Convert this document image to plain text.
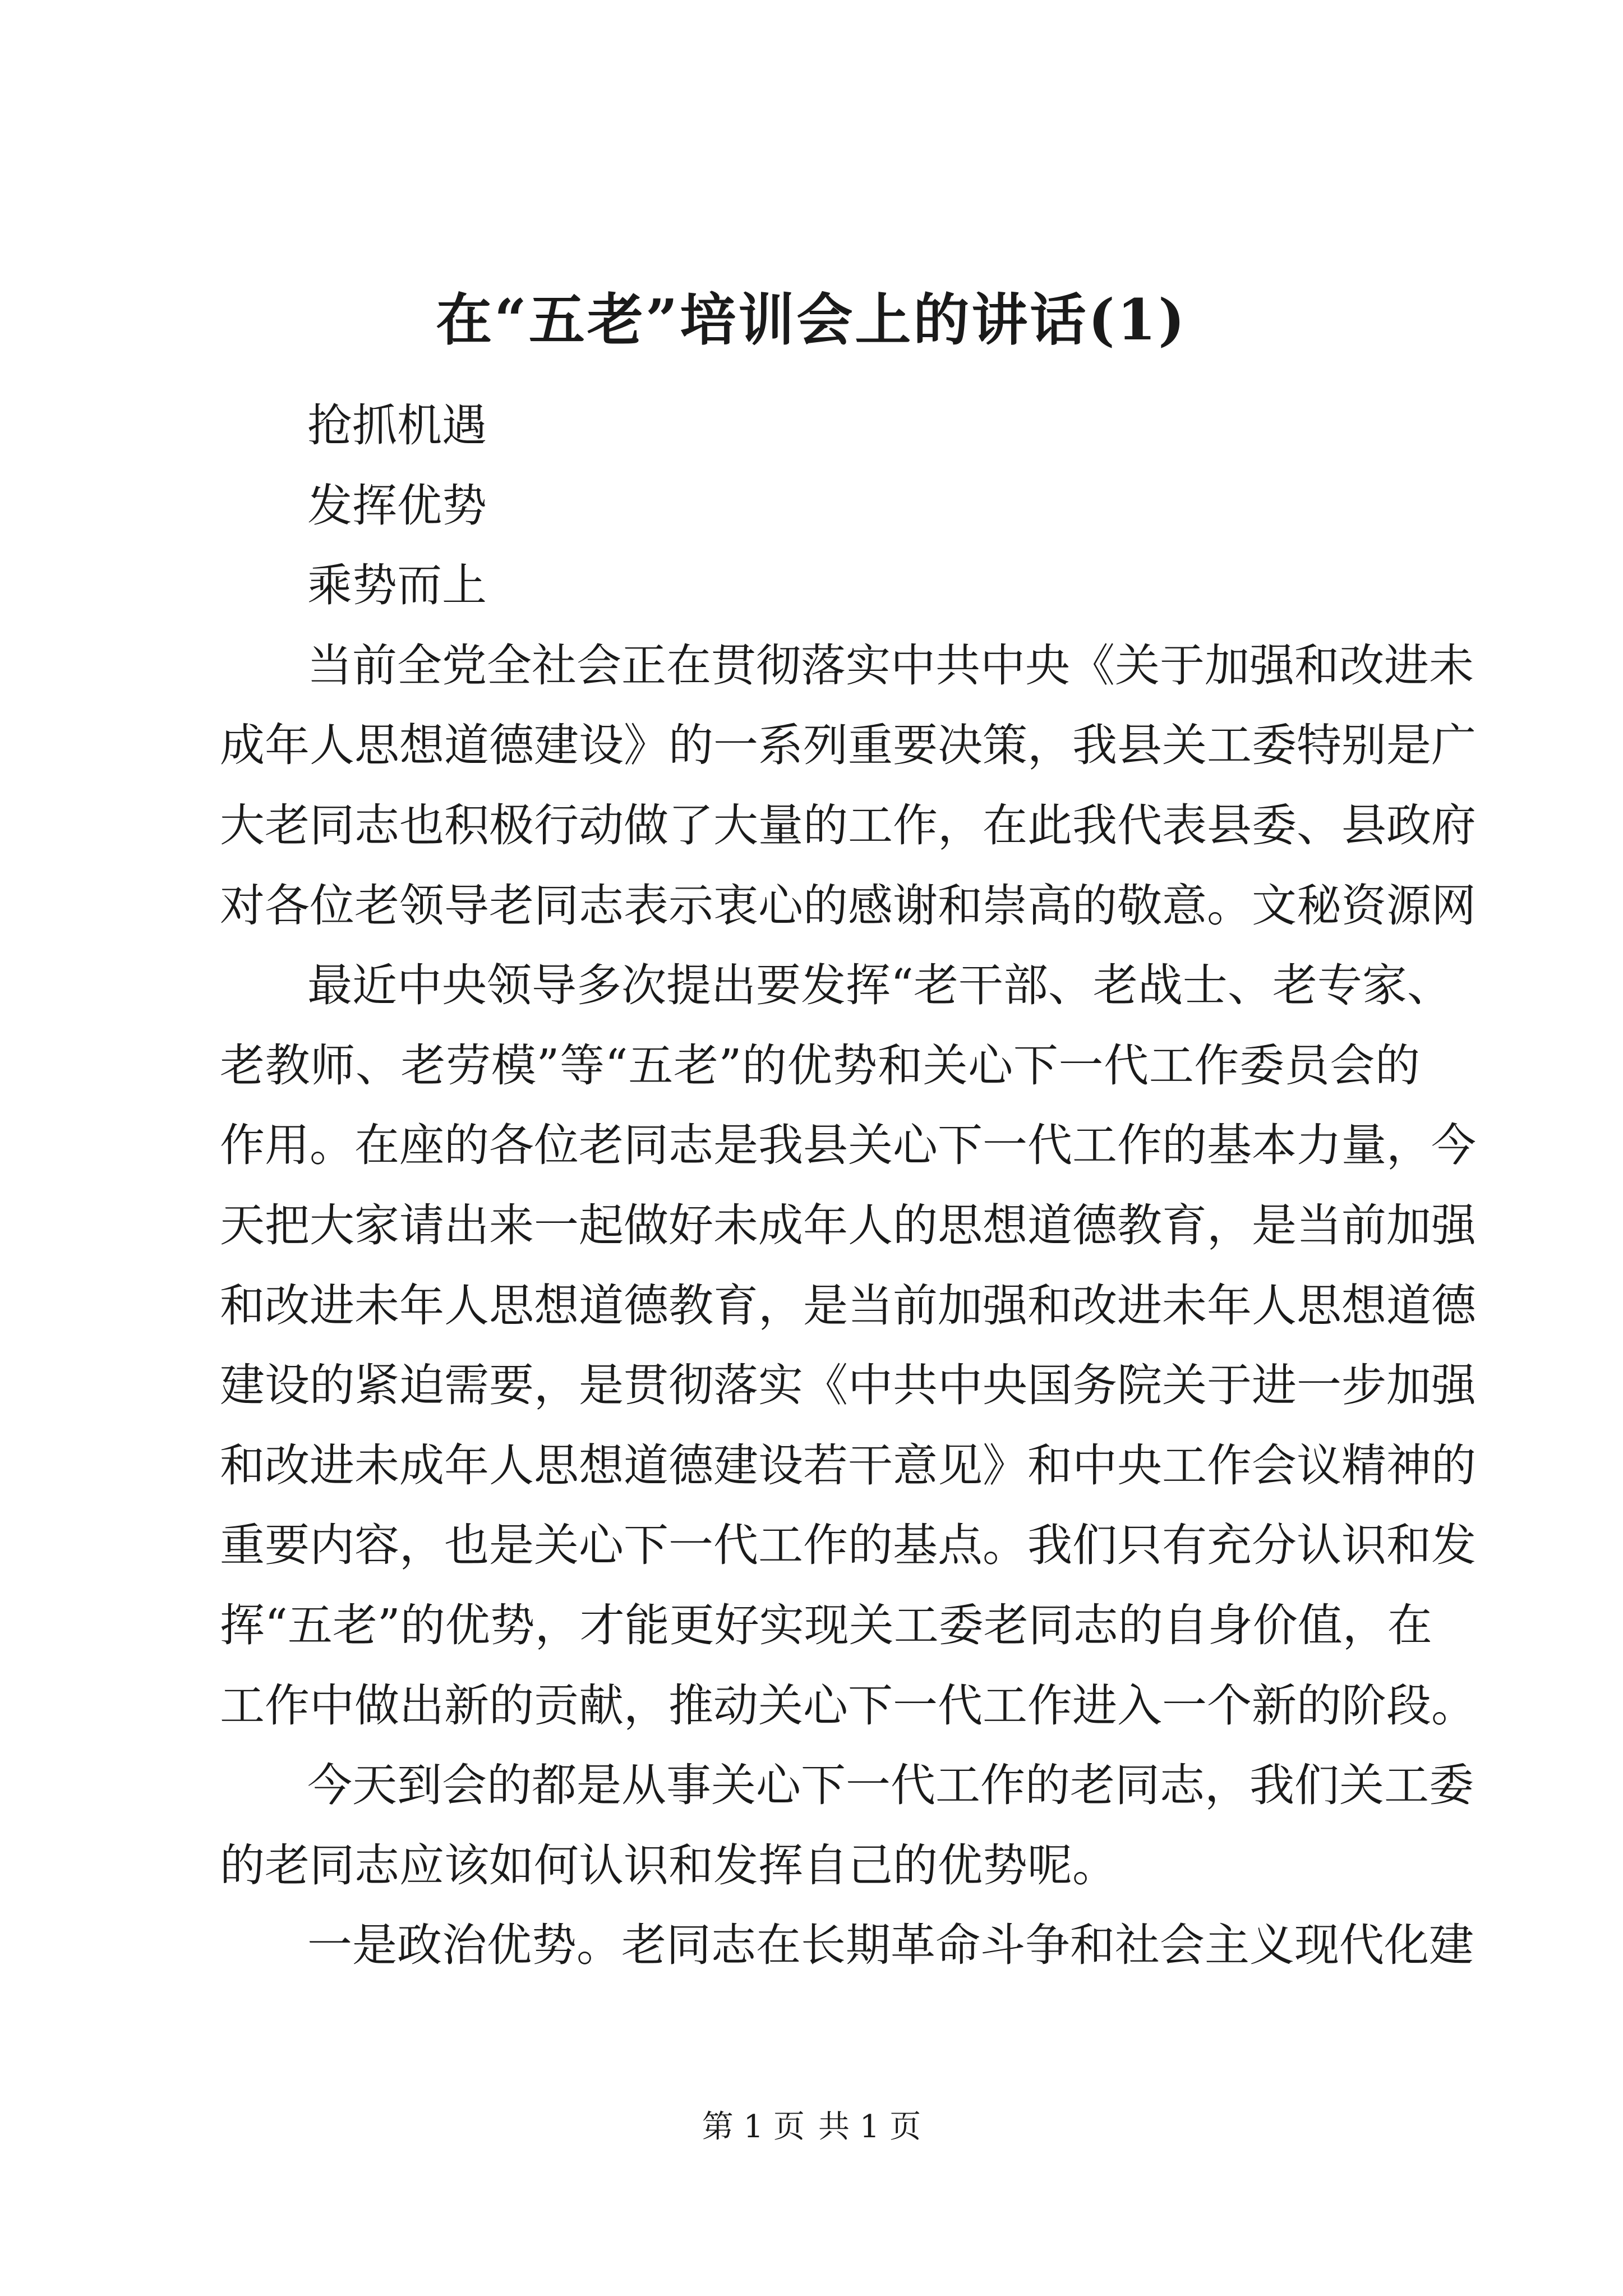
在“五老”培训会上的讲话(1)
抢抓机遇
发挥优势
乘势而上
当前全党全社会正在贯彻落实中共中央《关于加强和改进未
成年人思想道德建设》的一系列重要决策，我县关工委特别是广
大老同志也积极行动做了大量的工作，在此我代表县委、县政府
对各位老领导老同志表示衷心的感谢和崇高的敬意。文秘资源网
最近中央领导多次提出要发挥“老干部、老战士、老专家、
老教师、老劳模”等“五老”的优势和关心下一代工作委员会的
作用。在座的各位老同志是我县关心下一代工作的基本力量，今
天把大家请出来一起做好未成年人的思想道德教育，是当前加强
和改进未年人思想道德教育，是当前加强和改进未年人思想道德
建设的紧迫需要，是贯彻落实《中共中央国务院关于进一步加强
和改进未成年人思想道德建设若干意见》和中央工作会议精神的
重要内容，也是关心下一代工作的基点。我们只有充分认识和发
挥“五老”的优势，才能更好实现关工委老同志的自身价值，在
工作中做出新的贡献，推动关心下一代工作进入一个新的阶段。
今天到会的都是从事关心下一代工作的老同志，我们关工委
的老同志应该如何认识和发挥自己的优势呢。
一是政治优势。老同志在长期革命斗争和社会主义现代化建
第 1 页 共 1 页
